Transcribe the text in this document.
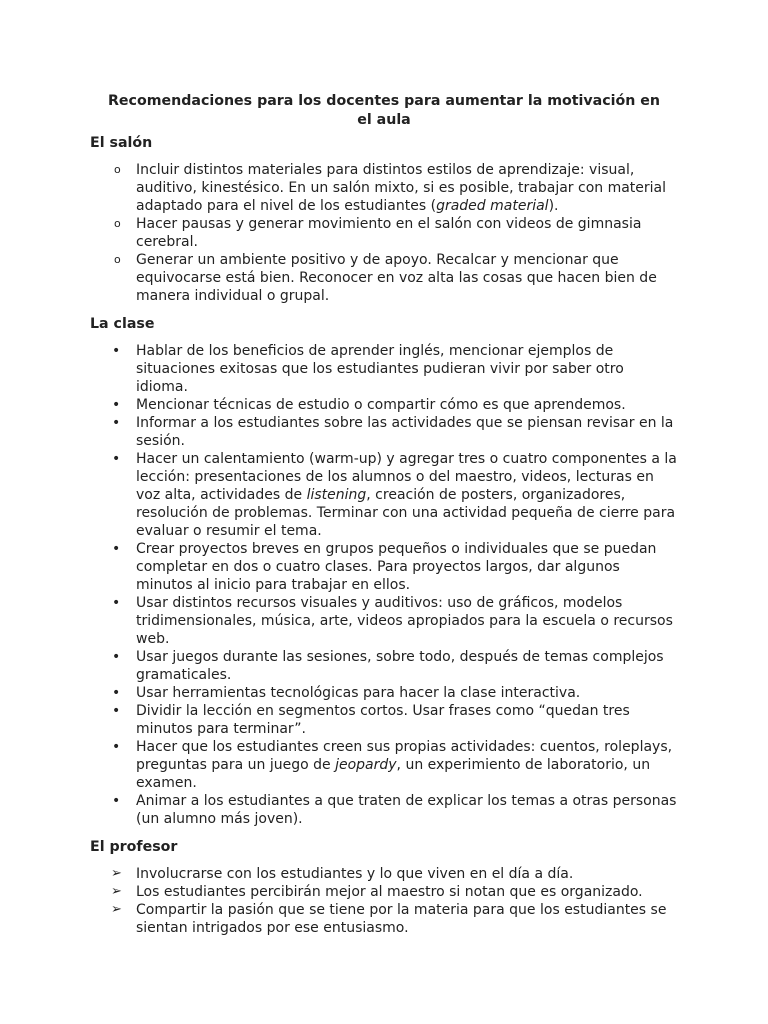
Recomendaciones para los docentes para aumentar la motivación en el aula
El salón
o	Incluir distintos materiales para distintos estilos de aprendizaje: visual, auditivo, kinestésico. En un salón mixto, si es posible, trabajar con material adaptado para el nivel de los estudiantes (graded material).
o	Hacer pausas y generar movimiento en el salón con videos de gimnasia cerebral.
o	Generar un ambiente positivo y de apoyo. Recalcar y mencionar que equivocarse está bien. Reconocer en voz alta las cosas que hacen bien de manera individual o grupal.
La clase
•	Hablar de los beneficios de aprender inglés, mencionar ejemplos de situaciones exitosas que los estudiantes pudieran vivir por saber otro idioma.
•	Mencionar técnicas de estudio o compartir cómo es que aprendemos.
•	Informar a los estudiantes sobre las actividades que se piensan revisar en la sesión.
•	Hacer un calentamiento (warm-up) y agregar tres o cuatro componentes a la lección: presentaciones de los alumnos o del maestro, videos, lecturas en voz alta, actividades de listening, creación de posters, organizadores, resolución de problemas. Terminar con una actividad pequeña de cierre para evaluar o resumir el tema.
•	Crear proyectos breves en grupos pequeños o individuales que se puedan completar en dos o cuatro clases. Para proyectos largos, dar algunos minutos al inicio para trabajar en ellos.
•	Usar distintos recursos visuales y auditivos: uso de gráficos, modelos tridimensionales, música, arte, videos apropiados para la escuela o recursos web.
•	Usar juegos durante las sesiones, sobre todo, después de temas complejos gramaticales.
•	Usar herramientas tecnológicas para hacer la clase interactiva.
•	Dividir la lección en segmentos cortos. Usar frases como “quedan tres minutos para terminar”.
•	Hacer que los estudiantes creen sus propias actividades: cuentos, roleplays, preguntas para un juego de jeopardy, un experimiento de laboratorio, un examen.
•	Animar a los estudiantes a que traten de explicar los temas a otras personas (un alumno más joven).
El profesor
➢	Involucrarse con los estudiantes y lo que viven en el día a día.
➢	Los estudiantes percibirán mejor al maestro si notan que es organizado.
➢	Compartir la pasión que se tiene por la materia para que los estudiantes se sientan intrigados por ese entusiasmo.
